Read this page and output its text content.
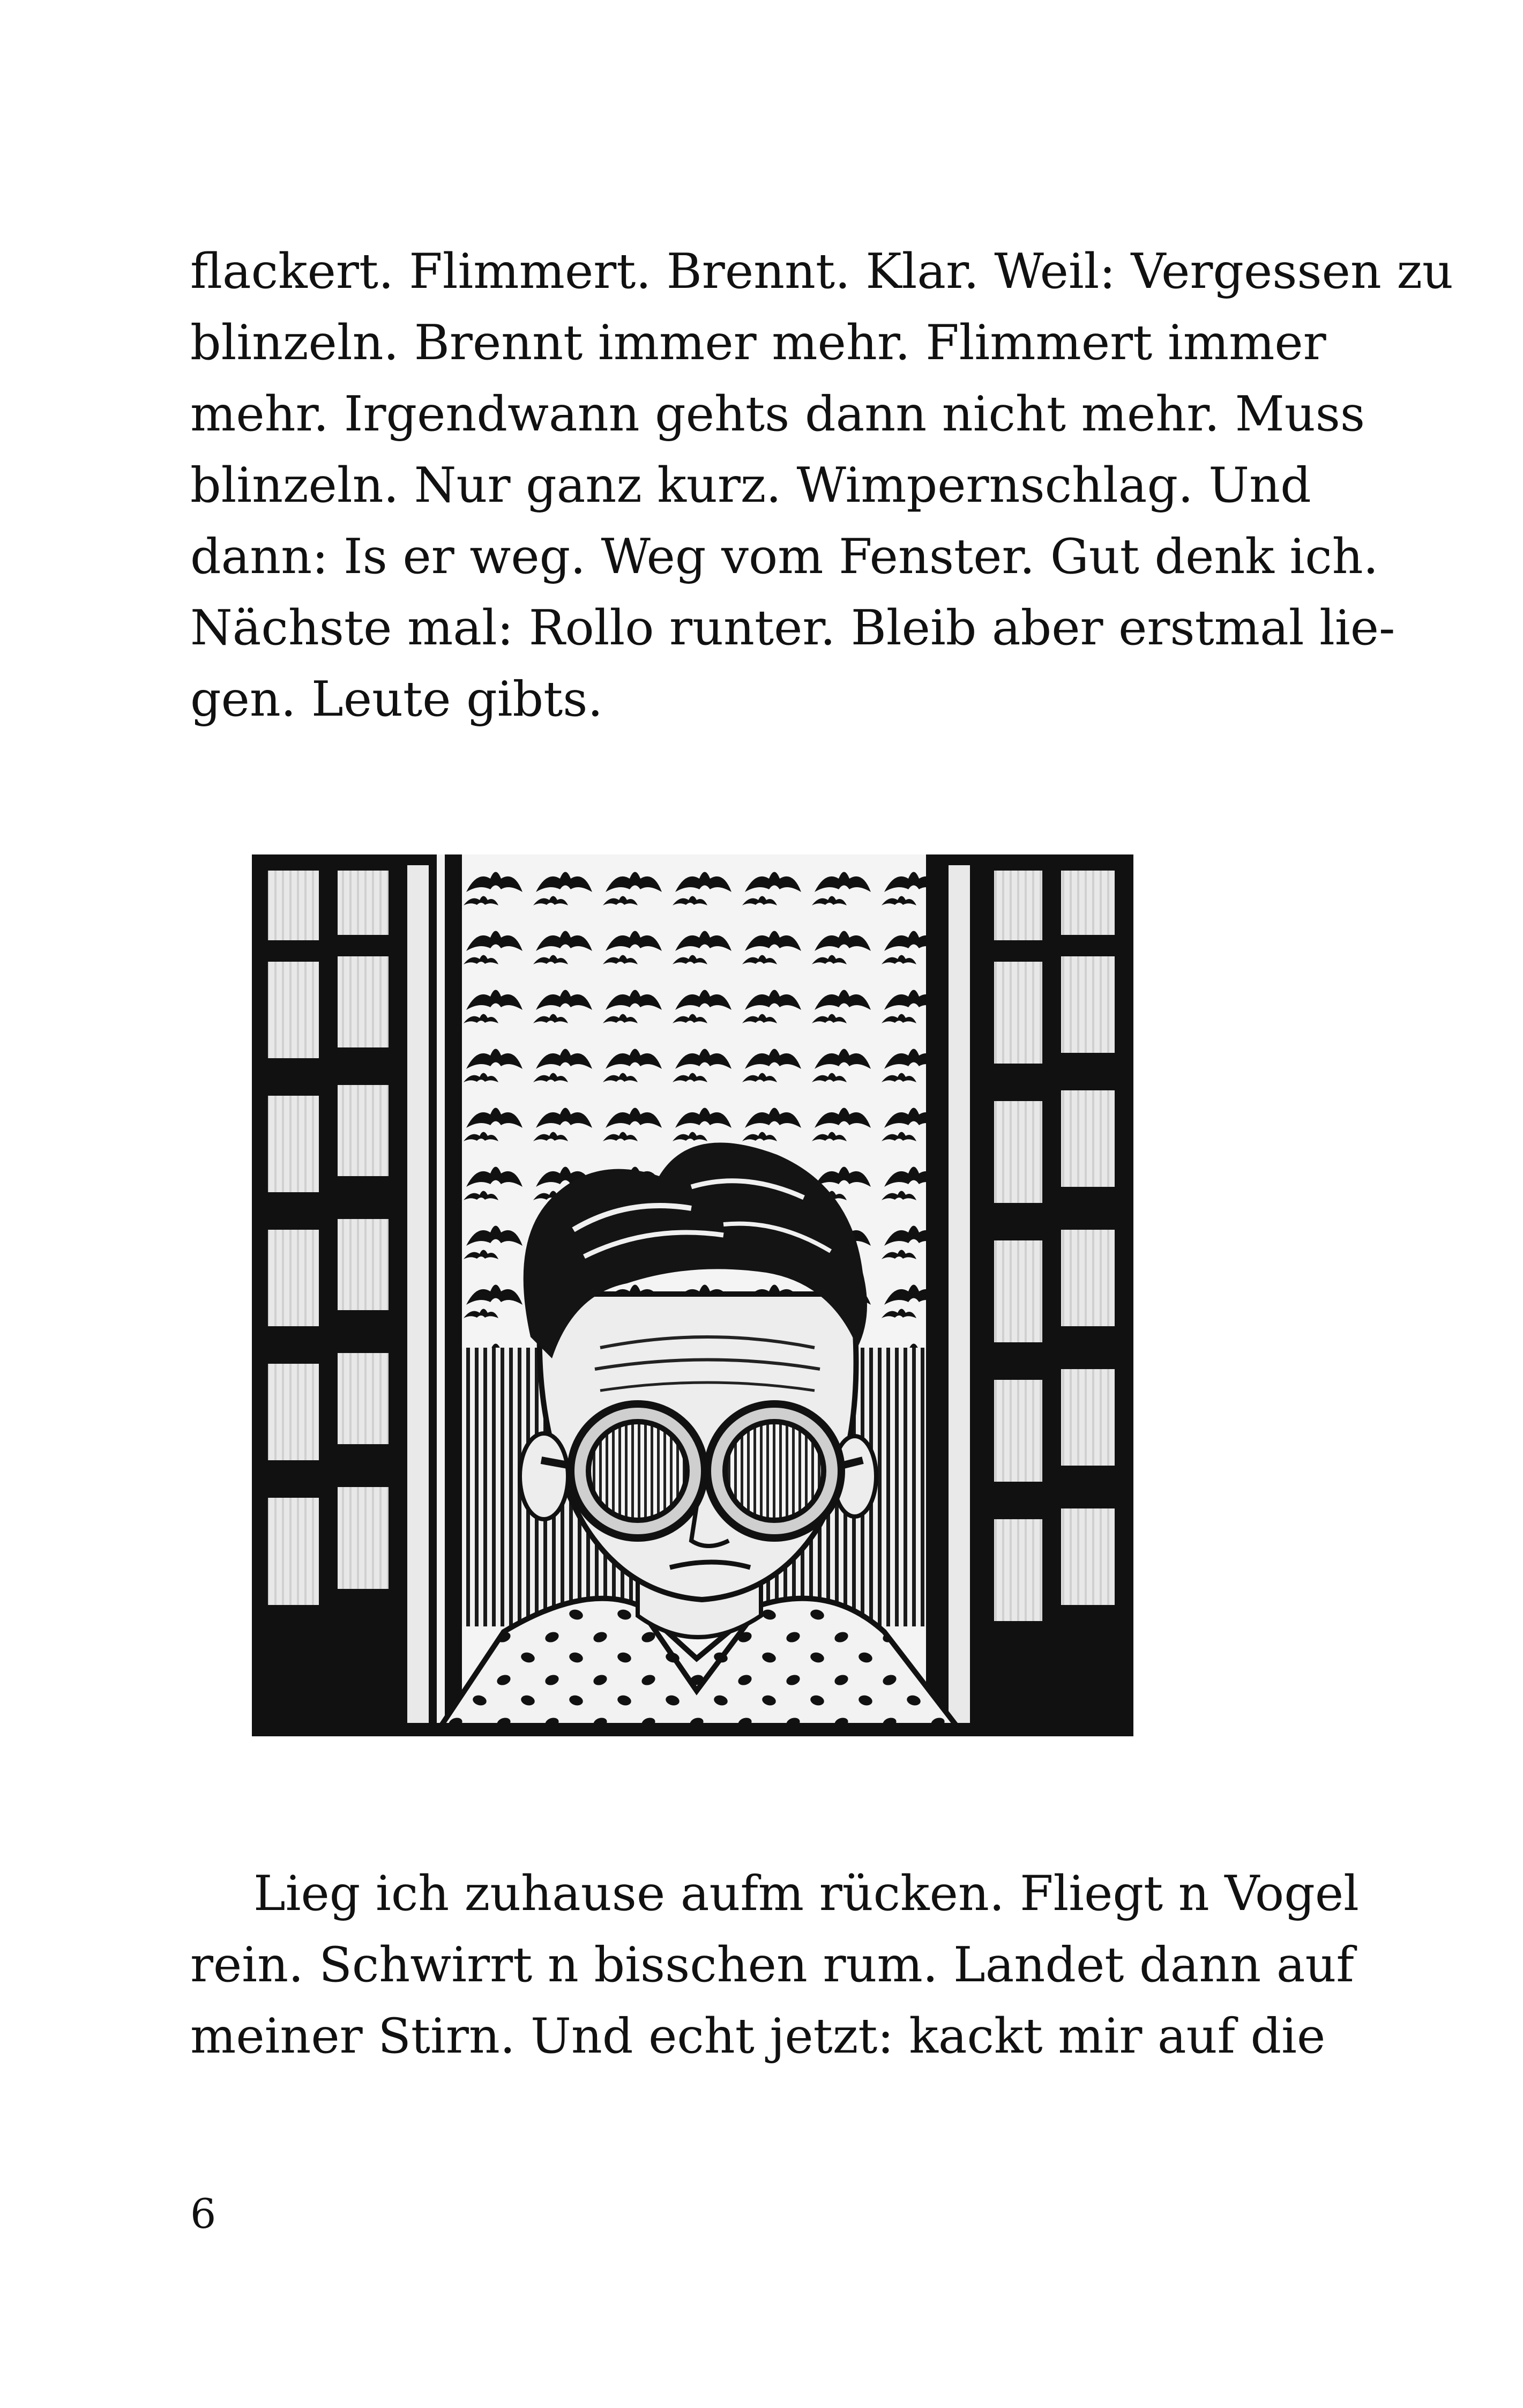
flackert. Flimmert. Brennt. Klar. Weil: Vergessen zu
blinzeln. Brennt immer mehr. Flimmert immer
mehr. Irgendwann gehts dann nicht mehr. Muss
blinzeln. Nur ganz kurz. Wimpernschlag. Und
dann: Is er weg. Weg vom Fenster. Gut denk ich.
Nächste mal: Rollo runter. Bleib aber erstmal lie-
gen. Leute gibts.

Lieg ich zuhause aufm rücken. Fliegt n Vogel
rein. Schwirrt n bisschen rum. Landet dann auf
meiner Stirn. Und echt jetzt: kackt mir auf die

6
